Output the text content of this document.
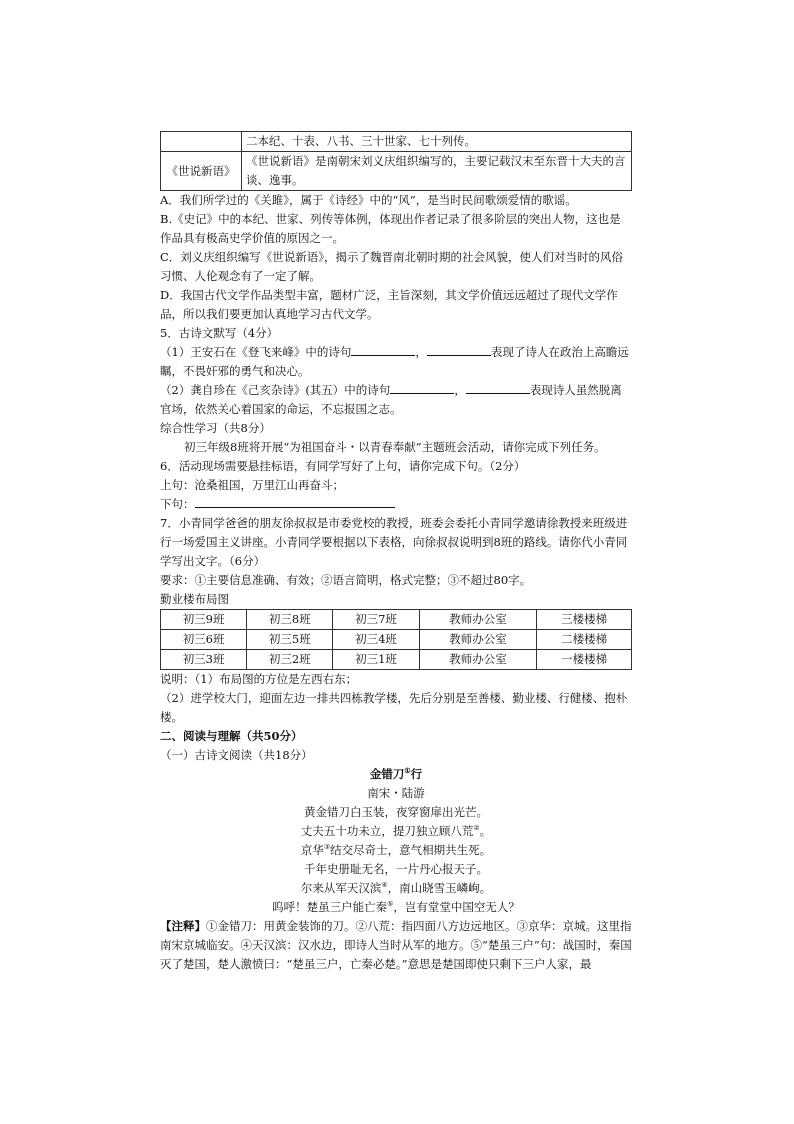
	二本纪、十表、八书、三十世家、七十列传。
《世说新语》	《世说新语》是南朝宋刘义庆组织编写的，主要记载汉末至东晋十大夫的言谈、逸事。

A．我们所学过的《关雎》，属于《诗经》中的“风”，是当时民间歌颂爱情的歌谣。

B.《史记》中的本纪、世家、列传等体例，体现出作者记录了很多阶层的突出人物，这也是作品具有极高史学价值的原因之一。

C．刘义庆组织编写《世说新语》，揭示了魏晋南北朝时期的社会风貌，使人们对当时的风俗习惯、人伦观念有了一定了解。

D．我国古代文学作品类型丰富，题材广泛，主旨深刻，其文学价值远远超过了现代文学作品，所以我们要更加认真地学习古代文学。

5．古诗文默写（4分）

（1）王安石在《登飞来峰》中的诗句	，	表现了诗人在政治上高瞻远瞩，不畏奸邪的勇气和决心。

（2）龚自珍在《己亥杂诗》(其五）中的诗句	，	表现诗人虽然脱离官场，依然关心着国家的命运，不忘报国之志。

综合性学习（共8分）

初三年级8班将开展“为祖国奋斗・以青春奉献”主题班会活动，请你完成下列任务。

6．活动现场需要悬挂标语，有同学写好了上句，请你完成下句。（2分）

上句：沧桑祖国，万里江山再奋斗；

下句：

7．小青同学爸爸的朋友徐叔叔是市委党校的教授，班委会委托小青同学邀请徐教授来班级进行一场爱国主义讲座。小青同学要根据以下表格，向徐叔叔说明到8班的路线。请你代小青同学写出文字。（6分）

要求：①主要信息准确、有效；②语言简明，格式完整；③不超过80字。

勤业楼布局图

初三9班	初三8班	初三7班	教师办公室	三楼楼梯
初三6班	初三5班	初三4班	教师办公室	二楼楼梯
初三3班	初三2班	初三1班	教师办公室	一楼楼梯

说明：（1）布局图的方位是左西右东；

（2）进学校大门，迎面左边一排共四栋教学楼，先后分别是至善楼、勤业楼、行健楼、抱朴楼。

二、阅读与理解（共50分）

（一）古诗文阅读（共18分）

金错刀①行

南宋・陆游

黄金错刀白玉装，夜穿窗扉出光芒。

丈夫五十功未立，提刀独立顾八荒②。

京华③结交尽奇士，意气相期共生死。

千年史册耻无名，一片丹心报天子。

尔来从军天汉滨④，南山晓雪玉嶙峋。

呜呼！楚虽三户能亡秦⑤，岂有堂堂中国空无人？

【注释】①金错刀：用黄金装饰的刀。②八荒：指四面八方边远地区。③京华：京城。这里指南宋京城临安。④天汉滨：汉水边，即诗人当时从军的地方。⑤“楚虽三户”句：战国时，秦国灭了楚国，楚人激愤曰：“楚虽三户，亡秦必楚。”意思是楚国即使只剩下三户人家，最
